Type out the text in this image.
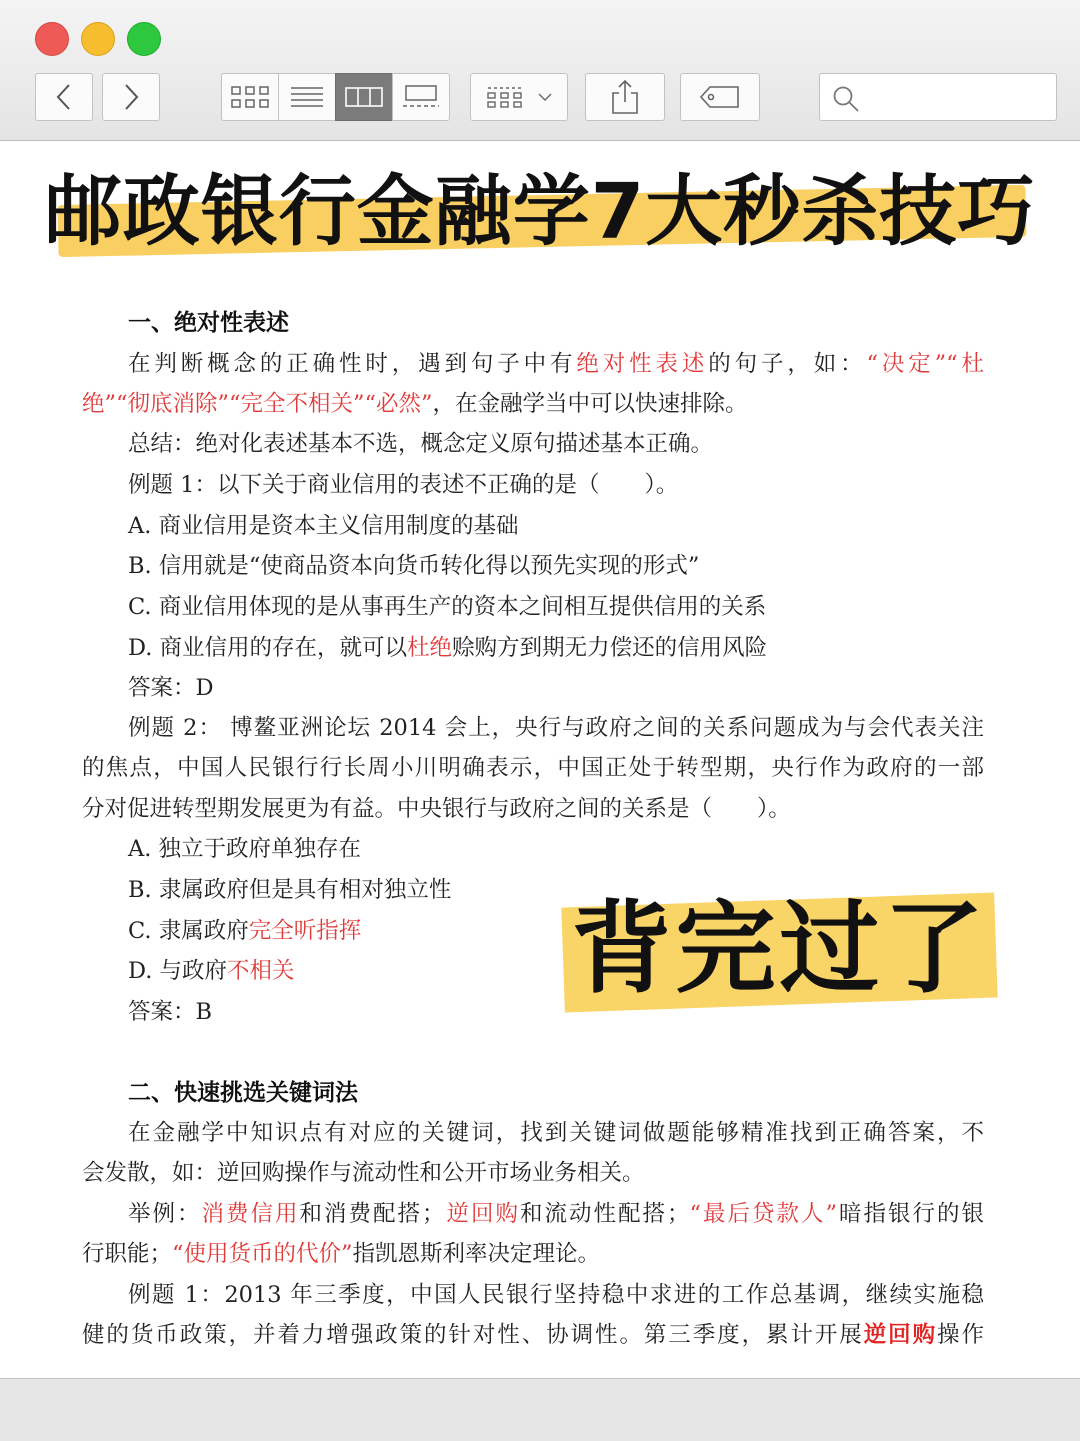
邮政银行金融学7大秒杀技巧
一、绝对性表述
在判断概念的正确性时，遇到句子中有绝对性表述的句子，如：“决定”“杜
绝”“彻底消除”“完全不相关”“必然”，在金融学当中可以快速排除。
总结：绝对化表述基本不选，概念定义原句描述基本正确。
例题 1：以下关于商业信用的表述不正确的是（　　）。
A. 商业信用是资本主义信用制度的基础
B. 信用就是“使商品资本向货币转化得以预先实现的形式”
C. 商业信用体现的是从事再生产的资本之间相互提供信用的关系
D. 商业信用的存在，就可以杜绝赊购方到期无力偿还的信用风险
答案：D
例题 2： 博鳌亚洲论坛 2014 会上，央行与政府之间的关系问题成为与会代表关注
的焦点，中国人民银行行长周小川明确表示，中国正处于转型期，央行作为政府的一部
分对促进转型期发展更为有益。中央银行与政府之间的关系是（　　）。
A. 独立于政府单独存在
B. 隶属政府但是具有相对独立性
C. 隶属政府完全听指挥
D. 与政府不相关
答案：B
背完过了
二、快速挑选关键词法
在金融学中知识点有对应的关键词，找到关键词做题能够精准找到正确答案，不
会发散，如：逆回购操作与流动性和公开市场业务相关。
举例：消费信用和消费配搭；逆回购和流动性配搭；“最后贷款人”暗指银行的银
行职能；“使用货币的代价”指凯恩斯利率决定理论。
例题 1：2013 年三季度，中国人民银行坚持稳中求进的工作总基调，继续实施稳
健的货币政策，并着力增强政策的针对性、协调性。第三季度，累计开展逆回购操作
